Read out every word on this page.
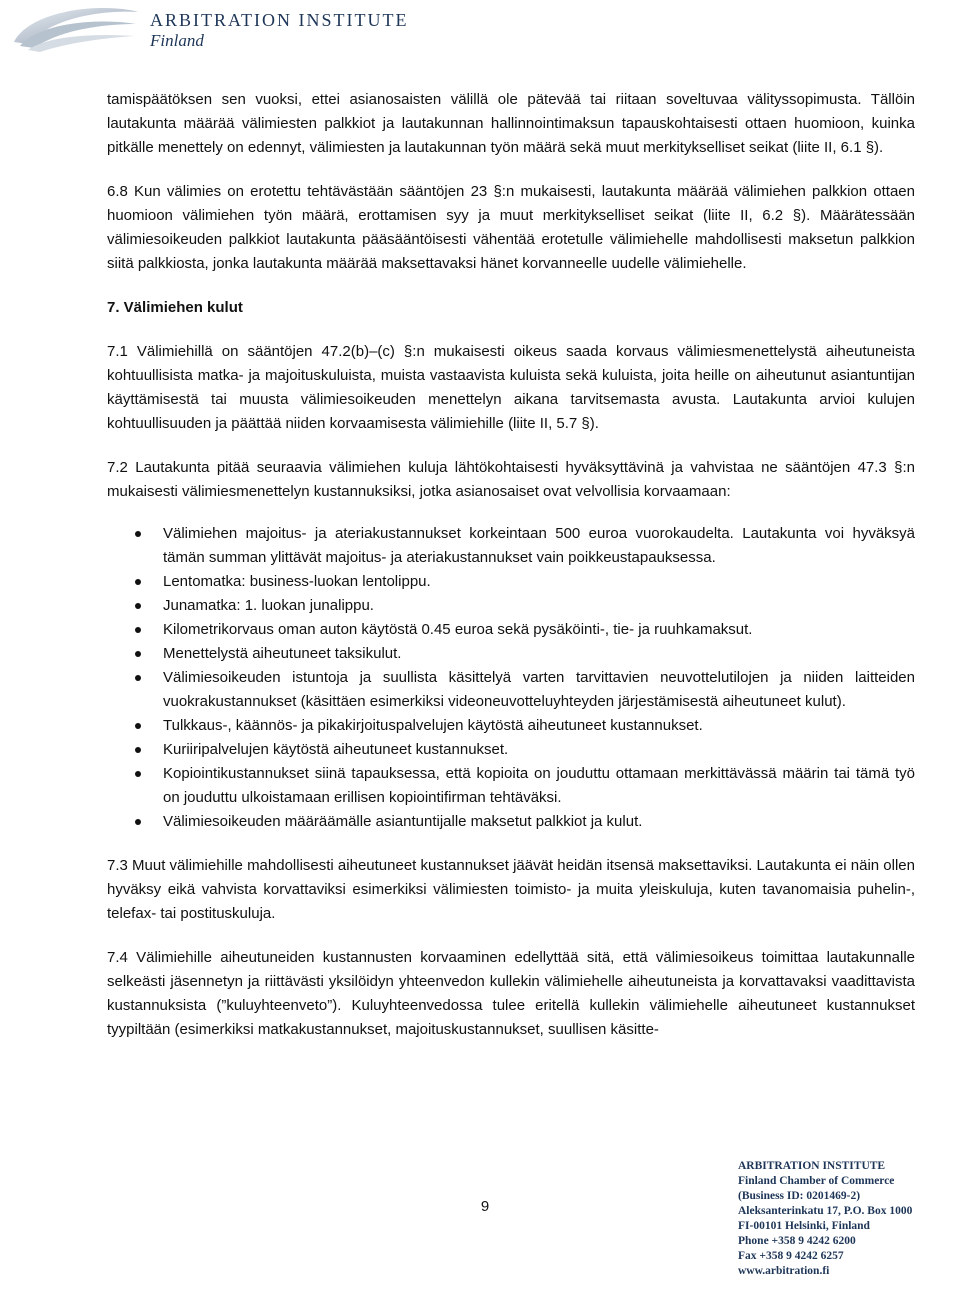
ARBITRATION INSTITUTE
Finland

tamispäätöksen sen vuoksi, ettei asianosaisten välillä ole pätevää tai riitaan soveltuvaa välityssopimusta. Tällöin lautakunta määrää välimiesten palkkiot ja lautakunnan hallinnointimaksun tapauskohtaisesti ottaen huomioon, kuinka pitkälle menettely on edennyt, välimiesten ja lautakunnan työn määrä sekä muut merkitykselliset seikat (liite II, 6.1 §).

6.8 Kun välimies on erotettu tehtävästään sääntöjen 23 §:n mukaisesti, lautakunta määrää välimiehen palkkion ottaen huomioon välimiehen työn määrä, erottamisen syy ja muut merkitykselliset seikat (liite II, 6.2 §). Määrätessään välimiesoikeuden palkkiot lautakunta pääsääntöisesti vähentää erotetulle välimiehelle mahdollisesti maksetun palkkion siitä palkkiosta, jonka lautakunta määrää maksettavaksi hänet korvanneelle uudelle välimiehelle.

7. Välimiehen kulut

7.1 Välimiehillä on sääntöjen 47.2(b)–(c) §:n mukaisesti oikeus saada korvaus välimiesmenettelystä aiheutuneista kohtuullisista matka- ja majoituskuluista, muista vastaavista kuluista sekä kuluista, joita heille on aiheutunut asiantuntijan käyttämisestä tai muusta välimiesoikeuden menettelyn aikana tarvitsemasta avusta. Lautakunta arvioi kulujen kohtuullisuuden ja päättää niiden korvaamisesta välimiehille (liite II, 5.7 §).

7.2 Lautakunta pitää seuraavia välimiehen kuluja lähtökohtaisesti hyväksyttävinä ja vahvistaa ne sääntöjen 47.3 §:n mukaisesti välimiesmenettelyn kustannuksiksi, jotka asianosaiset ovat velvollisia korvaamaan:

Välimiehen majoitus- ja ateriakustannukset korkeintaan 500 euroa vuorokaudelta. Lautakunta voi hyväksyä tämän summan ylittävät majoitus- ja ateriakustannukset vain poikkeustapauksessa.
Lentomatka: business-luokan lentolippu.
Junamatka: 1. luokan junalippu.
Kilometrikorvaus oman auton käytöstä 0.45 euroa sekä pysäköinti-, tie- ja ruuhkamaksut.
Menettelystä aiheutuneet taksikulut.
Välimiesoikeuden istuntoja ja suullista käsittelyä varten tarvittavien neuvottelutilojen ja niiden laitteiden vuokrakustannukset (käsittäen esimerkiksi videoneuvotteluyhteyden järjestämisestä aiheutuneet kulut).
Tulkkaus-, käännös- ja pikakirjoituspalvelujen käytöstä aiheutuneet kustannukset.
Kuriiripalvelujen käytöstä aiheutuneet kustannukset.
Kopiointikustannukset siinä tapauksessa, että kopioita on jouduttu ottamaan merkittävässä määrin tai tämä työ on jouduttu ulkoistamaan erillisen kopiointifirman tehtäväksi.
Välimiesoikeuden määräämälle asiantuntijalle maksetut palkkiot ja kulut.

7.3 Muut välimiehille mahdollisesti aiheutuneet kustannukset jäävät heidän itsensä maksettaviksi. Lautakunta ei näin ollen hyväksy eikä vahvista korvattaviksi esimerkiksi välimiesten toimisto- ja muita yleiskuluja, kuten tavanomaisia puhelin-, telefax- tai postituskuluja.

7.4 Välimiehille aiheutuneiden kustannusten korvaaminen edellyttää sitä, että välimiesoikeus toimittaa lautakunnalle selkeästi jäsennetyn ja riittävästi yksilöidyn yhteenvedon kullekin välimiehelle aiheutuneista ja korvattavaksi vaadittavista kustannuksista (”kuluyhteenveto”). Kuluyhteenvedossa tulee eritellä kullekin välimiehelle aiheutuneet kustannukset tyypiltään (esimerkiksi matkakustannukset, majoituskustannukset, suullisen käsitte-

9
ARBITRATION INSTITUTE
Finland Chamber of Commerce
(Business ID: 0201469-2)
Aleksanterinkatu 17, P.O. Box 1000
FI-00101 Helsinki, Finland
Phone +358 9 4242 6200
Fax +358 9 4242 6257
www.arbitration.fi
